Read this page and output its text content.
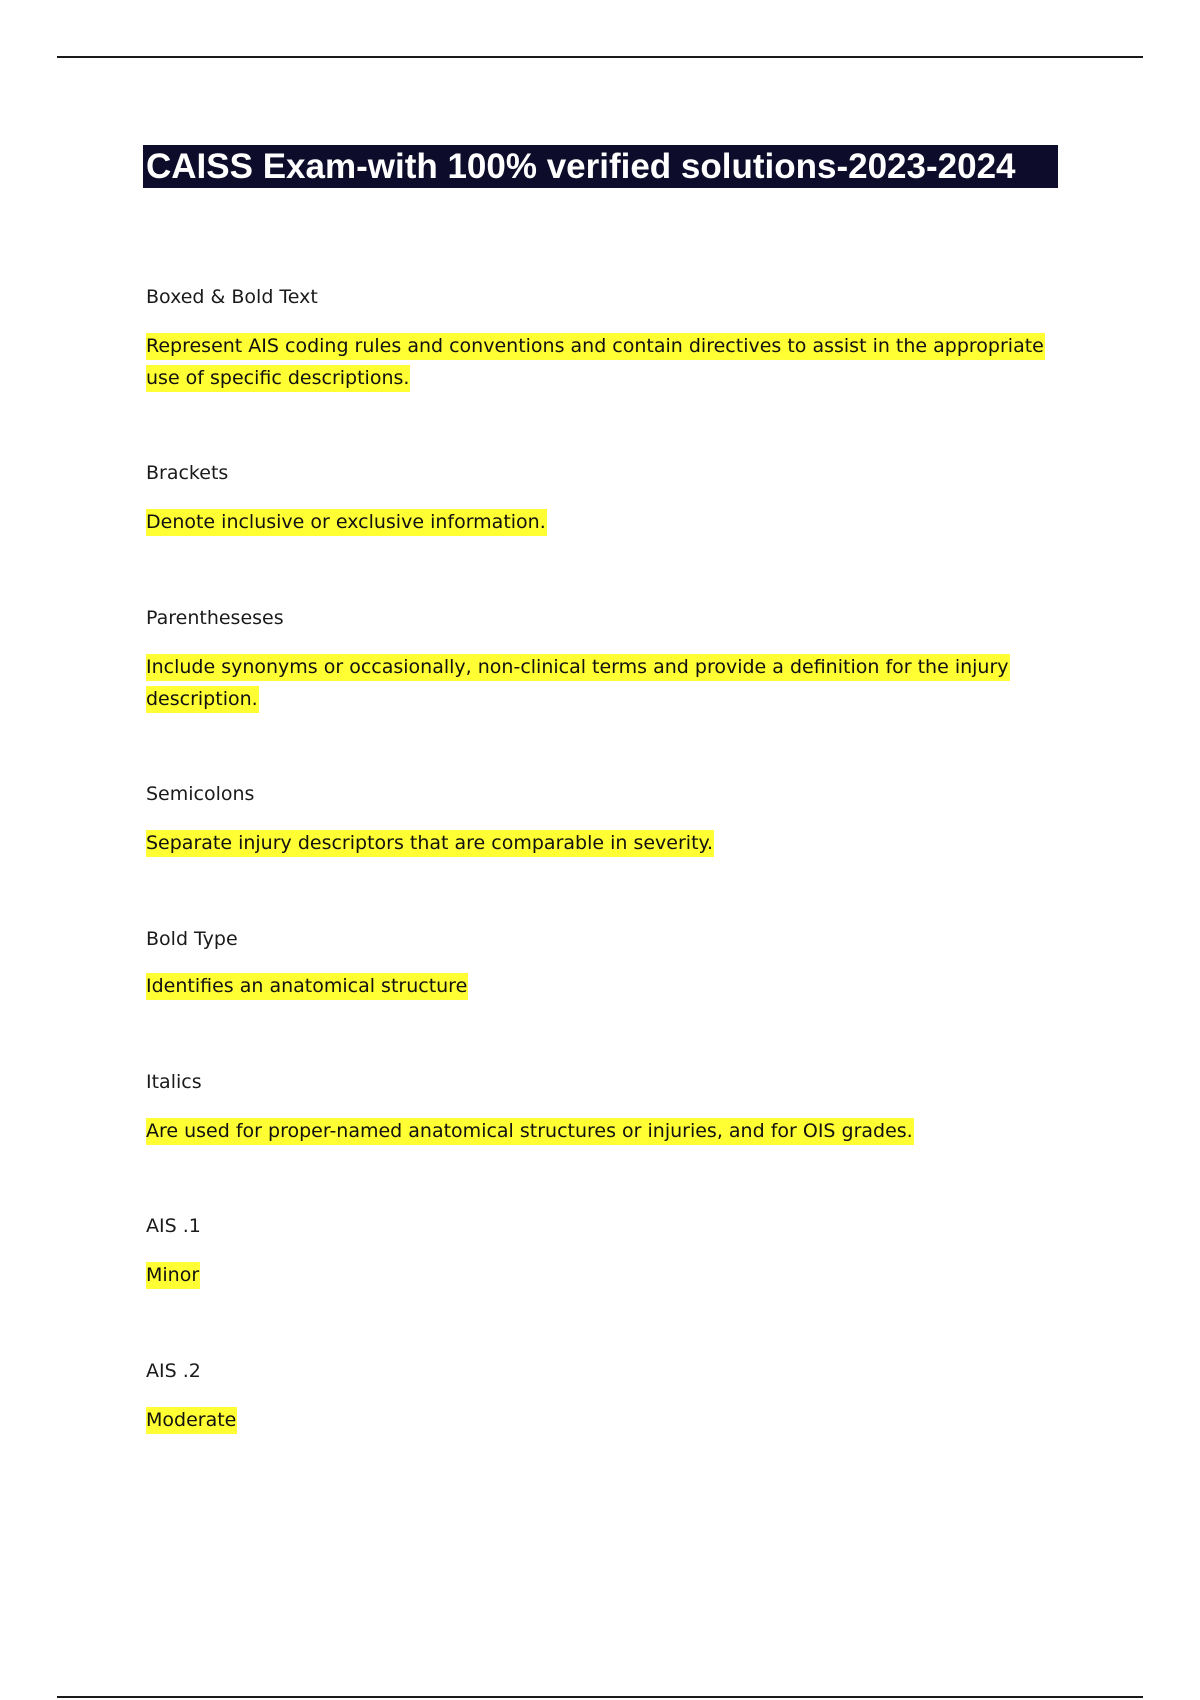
CAISS Exam-with 100% verified solutions-2023-2024
Boxed & Bold Text
Represent AIS coding rules and conventions and contain directives to assist in the appropriate use of specific descriptions.
Brackets
Denote inclusive or exclusive information.
Parentheseses
Include synonyms or occasionally, non-clinical terms and provide a definition for the injury description.
Semicolons
Separate injury descriptors that are comparable in severity.
Bold Type
Identifies an anatomical structure
Italics
Are used for proper-named anatomical structures or injuries, and for OIS grades.
AIS .1
Minor
AIS .2
Moderate
